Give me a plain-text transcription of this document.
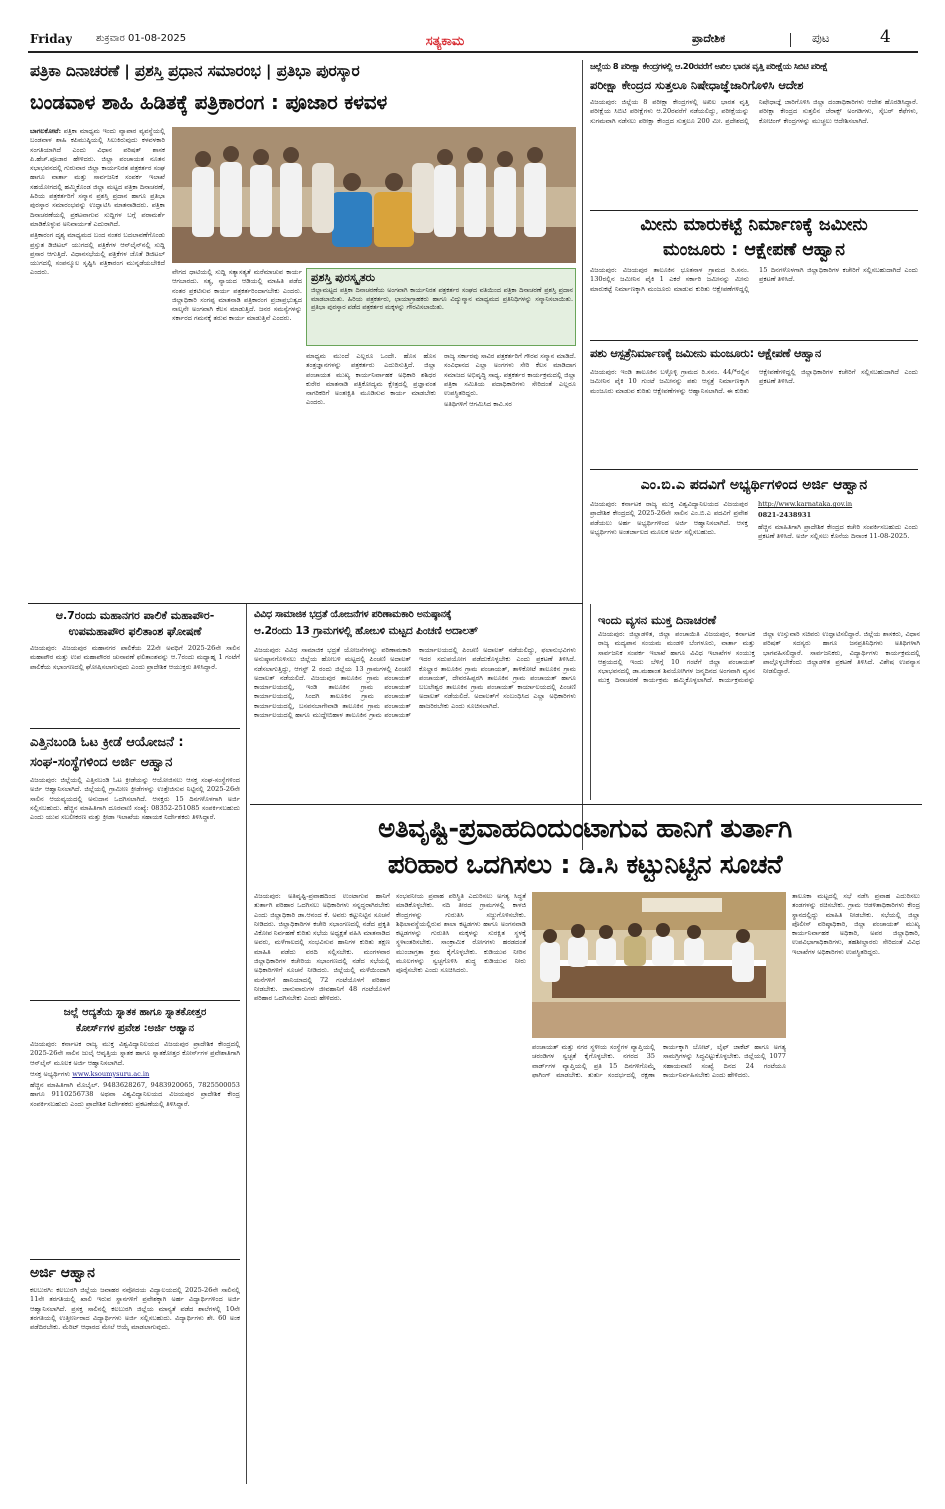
Friday ಶುಕ್ರವಾರ 01-08-2025	ಸತ್ಯಕಾಮ	ಪ್ರಾದೇಶಿಕ	ಪುಟ	4
ಪತ್ರಿಕಾ ದಿನಾಚರಣೆ | ಪ್ರಶಸ್ತಿ ಪ್ರಧಾನ ಸಮಾರಂಭ | ಪ್ರತಿಭಾ ಪುರಸ್ಕಾರ
ಬಂಡವಾಳ ಶಾಹಿ ಹಿಡಿತಕ್ಕೆ ಪತ್ರಿಕಾರಂಗ : ಪೂಜಾರ ಕಳವಳ

ಬಾಗಲಕೋಟೆ: ಪತ್ರಿಕಾ ಮಾಧ್ಯಮ ಇಂದು ವ್ಯಾಪಾರ ವ್ಯವಸ್ಥೆಯಲ್ಲಿ ಬಂಡವಾಳ ಶಾಹಿ ಕಪಿಮುಷ್ಠಿಯಲ್ಲಿ ಸಿಲುಕಿರುವುದು ಕಳವಳಕಾರಿ ಸಂಗತಿಯಾಗಿದೆ ಎಂದು ವಿಧಾನ ಪರಿಷತ್ ಶಾಸಕ ಪಿ.ಹೆಚ್.ಪೂಜಾರ ಹೇಳಿದರು. ಜಿಲ್ಲಾ ಪಂಚಾಯತ ನೂತನ ಸಭಾಭವನದಲ್ಲಿ ಗುರುವಾರ ಜಿಲ್ಲಾ ಕಾರ್ಯನಿರತ ಪತ್ರಕರ್ತರ ಸಂಘ ಹಾಗೂ ವಾರ್ತಾ ಮತ್ತು ಸಾರ್ವಜನಿಕ ಸಂಪರ್ಕ ಇಲಾಖೆ ಸಹಯೋಗದಲ್ಲಿ ಹಮ್ಮಿಕೊಂಡ ಜಿಲ್ಲಾ ಮಟ್ಟದ ಪತ್ರಿಕಾ ದಿನಾಚರಣೆ, ಹಿರಿಯ ಪತ್ರಕರ್ತರಿಗೆ ಸನ್ಮಾನ ಪ್ರಶಸ್ತಿ ಪ್ರದಾನ ಹಾಗೂ ಪ್ರತಿಭಾ ಪುರಸ್ಕಾರ ಸಮಾರಂಭವನ್ನು ಉದ್ಘಾಟಿಸಿ ಮಾತನಾಡಿದರು. ಪತ್ರಿಕಾ ದಿನಾಚರಣೆಯಲ್ಲಿ ಪ್ರಕಟವಾಗುವ ಸುದ್ದಿಗಳ ಬಗ್ಗೆ ಪರಾಮರ್ಶೆ ಮಾಡಿಕೊಳ್ಳುವ ಅನಿವಾರ್ಯತೆ ಎದುರಾಗಿದೆ.

ಪತ್ರಿಕಾರಂಗ ದೃಶ್ಯ ಮಾಧ್ಯಮದ ಬಂದ ನಂತರ ಬದಲಾವಣೆಗೊಂಡು ಪ್ರಸ್ತುತ ಡಿಜಿಟಲ್ ಯುಗದಲ್ಲಿ ಪತ್ರಿಕೆಗಳ ಆನ್‌ಲೈನ್‌ನಲ್ಲಿ ಸುದ್ದಿ ಪ್ರಸಾರ ಆಗುತ್ತಿದೆ. ವಿಧಾನಸಭೆಯಲ್ಲಿ ಪತ್ರಿಕೆಗಳ ಜೊತೆ ಡಿಜಿಟಲ್ ಯುಗದಲ್ಲಿ ಸಂಪನ್ಮೂಲ ಸೃಷ್ಟಿಸಿ ಪತ್ರಿಕಾರಂಗ ಮುನ್ನಡೆಯಬೇಕಿದೆ ಎಂದರು.	ವೇಗದ ಧಾಟಿಯಲ್ಲಿ ಸುದ್ದಿ ಸತ್ಯಾಸತ್ಯತೆ ಮರೆಮಾಚುವ ಕಾರ್ಯ ಆಗಬಾರದು. ಸತ್ಯ, ನ್ಯಾಯದ ಆಡಿಯಲ್ಲಿ ಮಾಹಿತಿ ಪಡೆದ ನಂತರ ಪ್ರಕಟಿಸುವ ಕಾರ್ಯ ಪತ್ರಕರ್ತರಿಂದಾಗಬೇಕು ಎಂದರು. ಜಿಲ್ಲಾಧಿಕಾರಿ ಸಂಗಪ್ಪ ಮಾತನಾಡಿ ಪತ್ರಿಕಾರಂಗ ಪ್ರಜಾಪ್ರಭುತ್ವದ ನಾಲ್ಕನೇ ಅಂಗವಾಗಿ ಕೆಲಸ ಮಾಡುತ್ತಿದೆ. ಜನರ ಸಮಸ್ಯೆಗಳನ್ನು ಸರ್ಕಾರದ ಗಮನಕ್ಕೆ ತರುವ ಕಾರ್ಯ ಮಾಡುತ್ತಿವೆ ಎಂದರು.

ಪ್ರಶಸ್ತಿ ಪುರಸ್ಕೃತರು
ಜಿಲ್ಲಾಮಟ್ಟದ ಪತ್ರಿಕಾ ದಿನಾಚರಣೆಯ ಅಂಗವಾಗಿ ಕಾರ್ಯನಿರತ ಪತ್ರಕರ್ತರ ಸಂಘದ ವತಿಯಿಂದ ಪತ್ರಿಕಾ ದಿನಾಚರಣೆ ಪ್ರಶಸ್ತಿ ಪ್ರದಾನ ಮಾಡಲಾಯಿತು. ಹಿರಿಯ ಪತ್ರಕರ್ತರು, ಛಾಯಾಗ್ರಾಹಕರು ಹಾಗೂ ವಿದ್ಯುನ್ಮಾನ ಮಾಧ್ಯಮದ ಪ್ರತಿನಿಧಿಗಳನ್ನು ಸನ್ಮಾನಿಸಲಾಯಿತು. ಪ್ರತಿಭಾ ಪುರಸ್ಕಾರ ಪಡೆದ ಪತ್ರಕರ್ತರ ಮಕ್ಕಳನ್ನು ಗೌರವಿಸಲಾಯಿತು.

ಮಾಧ್ಯಮ ಮುಂದೆ ಎಲ್ಲರೂ ಒಂದೇ. ಹೊಸ ಹೊಸ ತಂತ್ರಜ್ಞಾನಗಳನ್ನು ಪತ್ರಕರ್ತರು ಎದುರಿಸುತ್ತಿದೆ. ಜಿಲ್ಲಾ ಪಂಚಾಯತ ಮುಖ್ಯ ಕಾರ್ಯನಿರ್ವಾಹಕ ಅಧಿಕಾರಿ ಶಶಿಧರ ಕುರೇರ ಮಾತನಾಡಿ ಪತ್ರಿಕೋದ್ಯಮ ಕ್ಷೇತ್ರದಲ್ಲಿ ಪ್ರಜ್ಞಾವಂತ ನಾಗರಿಕರಿಗೆ ಅಂತಃಕ್ಷಿತಿ ಮೂಡಿಸುವ ಕಾರ್ಯ ಮಾಡಬೇಕು ಎಂದರು.

ರಾಜ್ಯ ಸರ್ಕಾರವು ಸಾವಿರ ಪತ್ರಕರ್ತರಿಗೆ ಗೌರವ ಸನ್ಮಾನ ಮಾಡಿದೆ. ಸಂವಿಧಾನದ ಎಲ್ಲಾ ಅಂಗಗಳು ಸೇರಿ ಕೆಲಸ ಮಾಡಿದಾಗ ಸಮಾಜದ ಅಭಿವೃದ್ಧಿ ಸಾಧ್ಯ. ಪತ್ರಕರ್ತರ ಕಾರ್ಯಕ್ರಮದಲ್ಲಿ ಜಿಲ್ಲಾ ಪತ್ರಿಕಾ ಸಮಿತಿಯ ಪದಾಧಿಕಾರಿಗಳು ಸೇರಿದಂತೆ ಎಲ್ಲರೂ ಉಪಸ್ಥಿತರಿದ್ದರು.

ಅತಿಥಿಗಳಿಗೆ ಆಗಮಿಸಿದ ಕಾವಿ.ಸರ

ಜಲ್ಲೆಯ 8 ಪರೀಕ್ಷಾ ಕೇಂದ್ರಗಳಲ್ಲಿ ಆ.20ರವರೆಗೆ ಅಖಿಲ ಭಾರತ ವೃತ್ತಿ ಪರೀಕ್ಷೆಯ ಸಿಬಿಟಿ ಪರೀಕ್ಷೆ
ಪರೀಕ್ಷಾ ಕೇಂದ್ರದ ಸುತ್ತಲೂ ನಿಷೇಧಾಜ್ಞೆಜಾರಿಗೊಳಿಸಿ ಆದೇಶ
ವಿಜಯಪುರ: ಜಿಲ್ಲೆಯ 8 ಪರೀಕ್ಷಾ ಕೇಂದ್ರಗಳಲ್ಲಿ ಅಖಿಲ ಭಾರತ ವೃತ್ತಿ ಪರೀಕ್ಷೆಯ ಸಿಬಿಟಿ ಪರೀಕ್ಷೆಗಳು ಆ.20ರವರೆಗೆ ನಡೆಯಲಿದ್ದು, ಪರೀಕ್ಷೆಯನ್ನು ಸುಗಮವಾಗಿ ನಡೆಸಲು ಪರೀಕ್ಷಾ ಕೇಂದ್ರದ ಸುತ್ತಲೂ 200 ಮೀ. ಪ್ರದೇಶದಲ್ಲಿ ನಿಷೇಧಾಜ್ಞೆ ಜಾರಿಗೊಳಿಸಿ ಜಿಲ್ಲಾ ದಂಡಾಧಿಕಾರಿಗಳು ಆದೇಶ ಹೊರಡಿಸಿದ್ದಾರೆ. ಪರೀಕ್ಷಾ ಕೇಂದ್ರದ ಸುತ್ತಲಿನ ಜೆರಾಕ್ಸ್ ಅಂಗಡಿಗಳು, ಸೈಬರ್ ಕೆಫೆಗಳು, ಕೋಚಿಂಗ್ ಕೇಂದ್ರಗಳನ್ನು ಮುಚ್ಚಲು ಆದೇಶಿಸಲಾಗಿದೆ.
ಮೀನು ಮಾರುಕಟ್ಟೆ ನಿರ್ಮಾಣಕ್ಕೆ ಜಮೀನು
ಮಂಜೂರು : ಆಕ್ಷೇಪಣೆ ಆಹ್ವಾನ
ವಿಜಯಪುರ: ವಿಜಯಪುರ ತಾಲೂಕಿನ ಭೂತನಾಳ ಗ್ರಾಮದ ರಿ.ಸನಂ. 130ರಲ್ಲಿನ ಜಮೀನಿನ ಪೈಕಿ 1 ಎಕರೆ ಸರ್ಕಾರಿ ಜಮೀನನ್ನು ಮೀನು ಮಾರುಕಟ್ಟೆ ನಿರ್ಮಾಣಕ್ಕಾಗಿ ಮಂಜೂರು ಮಾಡುವ ಕುರಿತು ಆಕ್ಷೇಪಣೆಗಳಿದ್ದಲ್ಲಿ 15 ದಿನಗಳೊಳಗಾಗಿ ಜಿಲ್ಲಾಧಿಕಾರಿಗಳ ಕಚೇರಿಗೆ ಸಲ್ಲಿಸಬಹುದಾಗಿದೆ ಎಂದು ಪ್ರಕಟಣೆ ತಿಳಿಸಿದೆ.
ಪಶು ಆಸ್ಪತ್ರೆನಿರ್ಮಾಣಕ್ಕೆ ಜಮೀನು ಮಂಜೂರು: ಆಕ್ಷೇಪಣೆ ಆಹ್ವಾನ
ವಿಜಯಪುರ: ಇಂಡಿ ತಾಲೂಕಿನ ಬಳ್ಳೊಳ್ಳಿ ಗ್ರಾಮದ ರಿ.ಸನಂ. 44/*ರಲ್ಲಿನ ಜಮೀನಿನ ಪೈಕಿ 10 ಗುಂಟೆ ಜಮೀನನ್ನು ಪಶು ಆಸ್ಪತ್ರೆ ನಿರ್ಮಾಣಕ್ಕಾಗಿ ಮಂಜೂರು ಮಾಡುವ ಕುರಿತು ಆಕ್ಷೇಪಣೆಗಳನ್ನು ಆಹ್ವಾನಿಸಲಾಗಿದೆ. ಈ ಕುರಿತು ಆಕ್ಷೇಪಣೆಗಳಿದ್ದಲ್ಲಿ ಜಿಲ್ಲಾಧಿಕಾರಿಗಳ ಕಚೇರಿಗೆ ಸಲ್ಲಿಸಬಹುದಾಗಿದೆ ಎಂದು ಪ್ರಕಟಣೆ ತಿಳಿಸಿದೆ.
ಎಂ.ಬಿ.ಎ ಪದವಿಗೆ ಅಭ್ಯರ್ಥಿಗಳಿಂದ ಅರ್ಜಿ ಆಹ್ವಾನ

ವಿಜಯಪುರ: ಕರ್ನಾಟಕ ರಾಜ್ಯ ಮುಕ್ತ ವಿಶ್ವವಿದ್ಯಾನಿಲಯದ ವಿಜಯಪುರ ಪ್ರಾದೇಶಿಕ ಕೇಂದ್ರದಲ್ಲಿ 2025-26ನೇ ಸಾಲಿನ ಎಂ.ಬಿ.ಎ ಪದವಿಗೆ ಪ್ರವೇಶ ಪಡೆಯಲು ಅರ್ಹ ಅಭ್ಯರ್ಥಿಗಳಿಂದ ಅರ್ಜಿ ಆಹ್ವಾನಿಸಲಾಗಿದೆ. ಆಸಕ್ತ ಅಭ್ಯರ್ಥಿಗಳು ಅಂತರ್ಜಾಲದ ಮೂಲಕ ಅರ್ಜಿ ಸಲ್ಲಿಸಬಹುದು.

http://www.karnataka.gov.in

0821-2438931

ಹೆಚ್ಚಿನ ಮಾಹಿತಿಗಾಗಿ ಪ್ರಾದೇಶಿಕ ಕೇಂದ್ರದ ಕಚೇರಿ ಸಂಪರ್ಕಿಸಬಹುದು ಎಂದು ಪ್ರಕಟಣೆ ತಿಳಿಸಿದೆ. ಅರ್ಜಿ ಸಲ್ಲಿಸಲು ಕೊನೆಯ ದಿನಾಂಕ 11-08-2025.

ಆ.7ರಂದು ಮಹಾನಗರ ಪಾಲಿಕೆ ಮಹಾಪೌರ-
ಉಪಮಹಾಪೌರ ಫಲಿತಾಂಶ ಘೋಷಣೆ
ವಿಜಯಪುರ: ವಿಜಯಪುರ ಮಹಾನಗರ ಪಾಲಿಕೆಯ 22ನೇ ಅವಧಿಗೆ 2025-26ನೇ ಸಾಲಿನ ಮಹಾಪೌರ ಮತ್ತು ಉಪ ಮಹಾಪೌರರ ಚುನಾವಣೆ ಫಲಿತಾಂಶವನ್ನು ಆ.7ರಂದು ಮಧ್ಯಾಹ್ನ 1 ಗಂಟೆಗೆ ಪಾಲಿಕೆಯ ಸಭಾಂಗಣದಲ್ಲಿ ಘೋಷಿಸಲಾಗುವುದು ಎಂದು ಪ್ರಾದೇಶಿಕ ಆಯುಕ್ತರು ತಿಳಿಸಿದ್ದಾರೆ.
ಎತ್ತಿನಬಂಡಿ ಓಟ ಕ್ರೀಡೆ ಆಯೋಜನೆ :
ಸಂಘ-ಸಂಸ್ಥೆಗಳಿಂದ ಅರ್ಜಿ ಆಹ್ವಾನ
ವಿಜಯಪುರ: ಜಿಲ್ಲೆಯಲ್ಲಿ ಎತ್ತಿನಬಂಡಿ ಓಟ ಕ್ರೀಡೆಯನ್ನು ಆಯೋಜಿಸಲು ಆಸಕ್ತ ಸಂಘ-ಸಂಸ್ಥೆಗಳಿಂದ ಅರ್ಜಿ ಆಹ್ವಾನಿಸಲಾಗಿದೆ. ಜಿಲ್ಲೆಯಲ್ಲಿ ಗ್ರಾಮೀಣ ಕ್ರೀಡೆಗಳನ್ನು ಉತ್ತೇಜಿಸುವ ನಿಟ್ಟಿನಲ್ಲಿ 2025-26ನೇ ಸಾಲಿನ ಆಯವ್ಯಯದಲ್ಲಿ ಅನುದಾನ ಒದಗಿಸಲಾಗಿದೆ. ಆಸಕ್ತರು 15 ದಿನಗಳೊಳಗಾಗಿ ಅರ್ಜಿ ಸಲ್ಲಿಸಬಹುದು. ಹೆಚ್ಚಿನ ಮಾಹಿತಿಗಾಗಿ ದೂರವಾಣಿ ಸಂಖ್ಯೆ: 08352-251085 ಸಂಪರ್ಕಿಸಬಹುದು ಎಂದು ಯುವ ಸಬಲೀಕರಣ ಮತ್ತು ಕ್ರೀಡಾ ಇಲಾಖೆಯ ಸಹಾಯಕ ನಿರ್ದೇಶಕರು ತಿಳಿಸಿದ್ದಾರೆ.
ಜಲ್ಲೆ ಆದ್ಯತೆಯ ಸ್ನಾತಕ ಹಾಗೂ ಸ್ನಾತಕೋತ್ತರ
ಕೋರ್ಸ್‌ಗಳ ಪ್ರವೇಶ :ಅರ್ಜಿ ಆಹ್ವಾನ

ವಿಜಯಪುರ: ಕರ್ನಾಟಕ ರಾಜ್ಯ ಮುಕ್ತ ವಿಶ್ವವಿದ್ಯಾನಿಲಯದ ವಿಜಯಪುರ ಪ್ರಾದೇಶಿಕ ಕೇಂದ್ರದಲ್ಲಿ 2025-26ನೇ ಸಾಲಿನ ಜುಲೈ ಆವೃತ್ತಿಯ ಸ್ನಾತಕ ಹಾಗೂ ಸ್ನಾತಕೋತ್ತರ ಕೋರ್ಸ್‌ಗಳ ಪ್ರವೇಶಾತಿಗಾಗಿ ಆನ್‌ಲೈನ್ ಮೂಲಕ ಅರ್ಜಿ ಆಹ್ವಾನಿಸಲಾಗಿದೆ.

ಆಸಕ್ತ ಅಭ್ಯರ್ಥಿಗಳು www.ksoumysuru.ac.in

ಹೆಚ್ಚಿನ ಮಾಹಿತಿಗಾಗಿ ಮೊಬೈಲ್. 9483628267, 9483920065, 7825500053 ಹಾಗೂ 9110256738 ಅಥವಾ ವಿಶ್ವವಿದ್ಯಾನಿಲಯದ ವಿಜಯಪುರ ಪ್ರಾದೇಶಿಕ ಕೇಂದ್ರ ಸಂಪರ್ಕಿಸಬಹುದು ಎಂದು ಪ್ರಾದೇಶಿಕ ನಿರ್ದೇಶಕರು ಪ್ರಕಟಣೆಯಲ್ಲಿ ತಿಳಿಸಿದ್ದಾರೆ.

ಅರ್ಜಿ ಆಹ್ವಾನ
ಕಲಬುರಗಿ: ಕಲಬುರಗಿ ಜಿಲ್ಲೆಯ ಜವಾಹರ ನವೋದಯ ವಿದ್ಯಾಲಯದಲ್ಲಿ 2025-26ನೇ ಸಾಲಿನಲ್ಲಿ 11ನೇ ತರಗತಿಯಲ್ಲಿ ಖಾಲಿ ಇರುವ ಸ್ಥಾನಗಳಿಗೆ ಪ್ರವೇಶಕ್ಕಾಗಿ ಅರ್ಹ ವಿದ್ಯಾರ್ಥಿಗಳಿಂದ ಅರ್ಜಿ ಆಹ್ವಾನಿಸಲಾಗಿದೆ. ಪ್ರಸಕ್ತ ಸಾಲಿನಲ್ಲಿ ಕಲಬುರಗಿ ಜಿಲ್ಲೆಯ ಮಾನ್ಯತೆ ಪಡೆದ ಶಾಲೆಗಳಲ್ಲಿ 10ನೇ ತರಗತಿಯಲ್ಲಿ ಉತ್ತೀರ್ಣರಾದ ವಿದ್ಯಾರ್ಥಿಗಳು ಅರ್ಜಿ ಸಲ್ಲಿಸಬಹುದು. ವಿದ್ಯಾರ್ಥಿಗಳು ಶೇ. 60 ಅಂಕ ಪಡೆದಿರಬೇಕು. ಮೆರಿಟ್ ಆಧಾರದ ಮೇಲೆ ಆಯ್ಕೆ ಮಾಡಲಾಗುವುದು.
ವಿವಿಧ ಸಾಮಾಜಿಕ ಭದ್ರತೆ ಯೋಜನೆಗಳ ಪರಿಣಾಮಕಾರಿ ಅನುಷ್ಠಾನಕ್ಕೆ
ಆ.2ರಂದು 13 ಗ್ರಾಮಗಳಲ್ಲಿ ಹೋಬಳಿ ಮಟ್ಟದ ಪಿಂಚಣಿ ಅದಾಲತ್
ವಿಜಯಪುರ: ವಿವಿಧ ಸಾಮಾಜಿಕ ಭದ್ರತೆ ಯೋಜನೆಗಳನ್ನು ಪರಿಣಾಮಕಾರಿ ಅನುಷ್ಠಾನಗೊಳಿಸಲು ಜಿಲ್ಲೆಯ ಹೋಬಳಿ ಮಟ್ಟದಲ್ಲಿ ಪಿಂಚಣಿ ಅದಾಲತ್ ನಡೆಸಲಾಗುತ್ತಿದ್ದು, ಆಗಸ್ಟ್ 2 ರಂದು ಜಿಲ್ಲೆಯ 13 ಗ್ರಾಮಗಳಲ್ಲಿ ಪಿಂಚಣಿ ಅದಾಲತ್ ನಡೆಯಲಿದೆ. ವಿಜಯಪುರ ತಾಲೂಕಿನ ಗ್ರಾಮ ಪಂಚಾಯತ್ ಕಾರ್ಯಾಲಯದಲ್ಲಿ, ಇಂಡಿ ತಾಲೂಕಿನ ಗ್ರಾಮ ಪಂಚಾಯತ್ ಕಾರ್ಯಾಲಯದಲ್ಲಿ, ಸಿಂದಗಿ ತಾಲೂಕಿನ ಗ್ರಾಮ ಪಂಚಾಯತ್ ಕಾರ್ಯಾಲಯದಲ್ಲಿ, ಬಸವನಬಾಗೇವಾಡಿ ತಾಲೂಕಿನ ಗ್ರಾಮ ಪಂಚಾಯತ್ ಕಾರ್ಯಾಲಯದಲ್ಲಿ ಹಾಗೂ ಮುದ್ದೇಬಿಹಾಳ ತಾಲೂಕಿನ ಗ್ರಾಮ ಪಂಚಾಯತ್ ಕಾರ್ಯಾಲಯದಲ್ಲಿ ಪಿಂಚಣಿ ಅದಾಲತ್ ನಡೆಯಲಿದ್ದು, ಫಲಾನುಭವಿಗಳು ಇದರ ಸದುಪಯೋಗ ಪಡೆದುಕೊಳ್ಳಬೇಕು ಎಂದು ಪ್ರಕಟಣೆ ತಿಳಿಸಿದೆ. ಕೊಲ್ಹಾರ ತಾಲೂಕಿನ ಗ್ರಾಮ ಪಂಚಾಯತ್, ತಾಳಿಕೋಟೆ ತಾಲೂಕಿನ ಗ್ರಾಮ ಪಂಚಾಯತ್, ದೇವರಹಿಪ್ಪರಗಿ ತಾಲೂಕಿನ ಗ್ರಾಮ ಪಂಚಾಯತ್ ಹಾಗೂ ಬಬಲೇಶ್ವರ ತಾಲೂಕಿನ ಗ್ರಾಮ ಪಂಚಾಯತ್ ಕಾರ್ಯಾಲಯದಲ್ಲಿ ಪಿಂಚಣಿ ಅದಾಲತ್ ನಡೆಯಲಿದೆ. ಅದಾಲತ್‌ಗೆ ಸಂಬಂಧಿಸಿದ ಎಲ್ಲಾ ಅಧಿಕಾರಿಗಳು ಹಾಜರಿರಬೇಕು ಎಂದು ಸೂಚಿಸಲಾಗಿದೆ.
ಇಂದು ವ್ಯಸನ ಮುಕ್ತ ದಿನಾಚರಣೆ
ವಿಜಯಪುರ: ಜಿಲ್ಲಾಡಳಿತ, ಜಿಲ್ಲಾ ಪಂಚಾಯಿತಿ ವಿಜಯಪುರ, ಕರ್ನಾಟಕ ರಾಜ್ಯ ಮದ್ಯಪಾನ ಸಂಯಮ ಮಂಡಳಿ ಬೆಂಗಳೂರು, ವಾರ್ತಾ ಮತ್ತು ಸಾರ್ವಜನಿಕ ಸಂಪರ್ಕ ಇಲಾಖೆ ಹಾಗೂ ವಿವಿಧ ಇಲಾಖೆಗಳ ಸಂಯುಕ್ತ ಆಶ್ರಯದಲ್ಲಿ ಇಂದು ಬೆಳಿಗ್ಗೆ 10 ಗಂಟೆಗೆ ಜಿಲ್ಲಾ ಪಂಚಾಯತ್ ಸಭಾಭವನದಲ್ಲಿ ಡಾ.ಮಹಾಂತ ಶಿವಯೋಗಿಗಳ ಜನ್ಮದಿನದ ಅಂಗವಾಗಿ ವ್ಯಸನ ಮುಕ್ತ ದಿನಾಚರಣೆ ಕಾರ್ಯಕ್ರಮ ಹಮ್ಮಿಕೊಳ್ಳಲಾಗಿದೆ. ಕಾರ್ಯಕ್ರಮವನ್ನು ಜಿಲ್ಲಾ ಉಸ್ತುವಾರಿ ಸಚಿವರು ಉದ್ಘಾಟಿಸಲಿದ್ದಾರೆ. ಜಿಲ್ಲೆಯ ಶಾಸಕರು, ವಿಧಾನ ಪರಿಷತ್ ಸದಸ್ಯರು ಹಾಗೂ ಜನಪ್ರತಿನಿಧಿಗಳು ಅತಿಥಿಗಳಾಗಿ ಭಾಗವಹಿಸಲಿದ್ದಾರೆ. ಸಾರ್ವಜನಿಕರು, ವಿದ್ಯಾರ್ಥಿಗಳು ಕಾರ್ಯಕ್ರಮದಲ್ಲಿ ಪಾಲ್ಗೊಳ್ಳಬೇಕೆಂದು ಜಿಲ್ಲಾಡಳಿತ ಪ್ರಕಟಣೆ ತಿಳಿಸಿದೆ. ವಿಶೇಷ ಉಪನ್ಯಾಸ ನೀಡಲಿದ್ದಾರೆ.
ಅತಿವೃಷ್ಟಿ-ಪ್ರವಾಹದಿಂದುಂಟಾಗುವ ಹಾನಿಗೆ ತುರ್ತಾಗಿ
ಪರಿಹಾರ ಒದಗಿಸಲು : ಡಿ.ಸಿ ಕಟ್ಟುನಿಟ್ಟಿನ ಸೂಚನೆ
ವಿಜಯಪುರ: ಅತಿವೃಷ್ಟಿ-ಪ್ರವಾಹದಿಂದ ಉಂಟಾಗುವ ಹಾನಿಗೆ ತುರ್ತಾಗಿ ಪರಿಹಾರ ಒದಗಿಸಲು ಅಧಿಕಾರಿಗಳು ಸನ್ನದ್ಧರಾಗಿರಬೇಕು ಎಂದು ಜಿಲ್ಲಾಧಿಕಾರಿ ಡಾ.ಆನಂದ ಕೆ. ಅವರು ಕಟ್ಟುನಿಟ್ಟಿನ ಸೂಚನೆ ನೀಡಿದರು. ಜಿಲ್ಲಾಧಿಕಾರಿಗಳ ಕಚೇರಿ ಸಭಾಂಗಣದಲ್ಲಿ ನಡೆದ ಪ್ರಕೃತಿ ವಿಕೋಪ ನಿರ್ವಹಣೆ ಕುರಿತು ಸಭೆಯ ಅಧ್ಯಕ್ಷತೆ ವಹಿಸಿ ಮಾತನಾಡಿದ ಅವರು, ಮಳೆಗಾಲದಲ್ಲಿ ಸಂಭವಿಸುವ ಹಾನಿಗಳ ಕುರಿತು ತಕ್ಷಣ ಮಾಹಿತಿ ಪಡೆದು ವರದಿ ಸಲ್ಲಿಸಬೇಕು. ಮಂಗಳವಾರ ಜಿಲ್ಲಾಧಿಕಾರಿಗಳ ಕಚೇರಿಯ ಸಭಾಂಗಣದಲ್ಲಿ ನಡೆದ ಸಭೆಯಲ್ಲಿ ಅಧಿಕಾರಿಗಳಿಗೆ ಸೂಚನೆ ನೀಡಿದರು. ಜಿಲ್ಲೆಯಲ್ಲಿ ಮಳೆಯಿಂದಾಗಿ ಮನೆಗಳಿಗೆ ಹಾನಿಯಾದಲ್ಲಿ 72 ಗಂಟೆಯೊಳಗೆ ಪರಿಹಾರ ನೀಡಬೇಕು. ಜಾನುವಾರುಗಳ ಜೀವಹಾನಿಗೆ 48 ಗಂಟೆಯೊಳಗೆ ಪರಿಹಾರ ಒದಗಿಸಬೇಕು ಎಂದು ಹೇಳಿದರು.
ಸಂಭವನೀಯ ಪ್ರವಾಹ ಪರಿಸ್ಥಿತಿ ಎದುರಿಸಲು ಅಗತ್ಯ ಸಿದ್ಧತೆ ಮಾಡಿಕೊಳ್ಳಬೇಕು. ನದಿ ತೀರದ ಗ್ರಾಮಗಳಲ್ಲಿ ಕಾಳಜಿ ಕೇಂದ್ರಗಳನ್ನು ಗುರುತಿಸಿ ಸಜ್ಜುಗೊಳಿಸಬೇಕು. ಶಿಥಿಲಾವಸ್ಥೆಯಲ್ಲಿರುವ ಶಾಲಾ ಕಟ್ಟಡಗಳು ಹಾಗೂ ಅಂಗನವಾಡಿ ಕಟ್ಟಡಗಳನ್ನು ಗುರುತಿಸಿ ಮಕ್ಕಳನ್ನು ಸುರಕ್ಷಿತ ಸ್ಥಳಕ್ಕೆ ಸ್ಥಳಾಂತರಿಸಬೇಕು. ಸಾಂಕ್ರಾಮಿಕ ರೋಗಗಳು ಹರಡದಂತೆ ಮುಂಜಾಗ್ರತಾ ಕ್ರಮ ಕೈಗೊಳ್ಳಬೇಕು. ಕುಡಿಯುವ ನೀರಿನ ಮೂಲಗಳನ್ನು ಸ್ವಚ್ಛಗೊಳಿಸಿ ಶುದ್ಧ ಕುಡಿಯುವ ನೀರು ಪೂರೈಸಬೇಕು ಎಂದು ಸೂಚಿಸಿದರು.
ಪಂಚಾಯತ್ ಮತ್ತು ನಗರ ಸ್ಥಳೀಯ ಸಂಸ್ಥೆಗಳ ವ್ಯಾಪ್ತಿಯಲ್ಲಿ ಚರಂಡಿಗಳ ಸ್ವಚ್ಛತೆ ಕೈಗೊಳ್ಳಬೇಕು. ನಗರದ 35 ವಾರ್ಡ್‌ಗಳ ವ್ಯಾಪ್ತಿಯಲ್ಲಿ ಪ್ರತಿ 15 ದಿನಗಳಿಗೊಮ್ಮೆ ಫಾಗಿಂಗ್ ಮಾಡಬೇಕು. ತುರ್ತು ಸಂದರ್ಭದಲ್ಲಿ ರಕ್ಷಣಾ ಕಾರ್ಯಕ್ಕಾಗಿ ಬೋಟ್, ಲೈಫ್ ಜಾಕೆಟ್ ಹಾಗೂ ಅಗತ್ಯ ಸಾಮಗ್ರಿಗಳನ್ನು ಸಿದ್ಧವಿಟ್ಟುಕೊಳ್ಳಬೇಕು. ಜಿಲ್ಲೆಯಲ್ಲಿ 1077 ಸಹಾಯವಾಣಿ ಸಂಖ್ಯೆ ದಿನದ 24 ಗಂಟೆಯೂ ಕಾರ್ಯನಿರ್ವಹಿಸಬೇಕು ಎಂದು ಹೇಳಿದರು.
ತಾಲೂಕಾ ಮಟ್ಟದಲ್ಲಿ ಸಭೆ ನಡೆಸಿ ಪ್ರವಾಹ ಎದುರಿಸಲು ತಂಡಗಳನ್ನು ರಚಿಸಬೇಕು. ಗ್ರಾಮ ಆಡಳಿತಾಧಿಕಾರಿಗಳು ಕೇಂದ್ರ ಸ್ಥಾನದಲ್ಲಿದ್ದು ಮಾಹಿತಿ ನೀಡಬೇಕು. ಸಭೆಯಲ್ಲಿ ಜಿಲ್ಲಾ ಪೊಲೀಸ್ ವರಿಷ್ಠಾಧಿಕಾರಿ, ಜಿಲ್ಲಾ ಪಂಚಾಯತ್ ಮುಖ್ಯ ಕಾರ್ಯನಿರ್ವಾಹಕ ಅಧಿಕಾರಿ, ಅಪರ ಜಿಲ್ಲಾಧಿಕಾರಿ, ಉಪವಿಭಾಗಾಧಿಕಾರಿಗಳು, ತಹಶೀಲ್ದಾರರು ಸೇರಿದಂತೆ ವಿವಿಧ ಇಲಾಖೆಗಳ ಅಧಿಕಾರಿಗಳು ಉಪಸ್ಥಿತರಿದ್ದರು.
